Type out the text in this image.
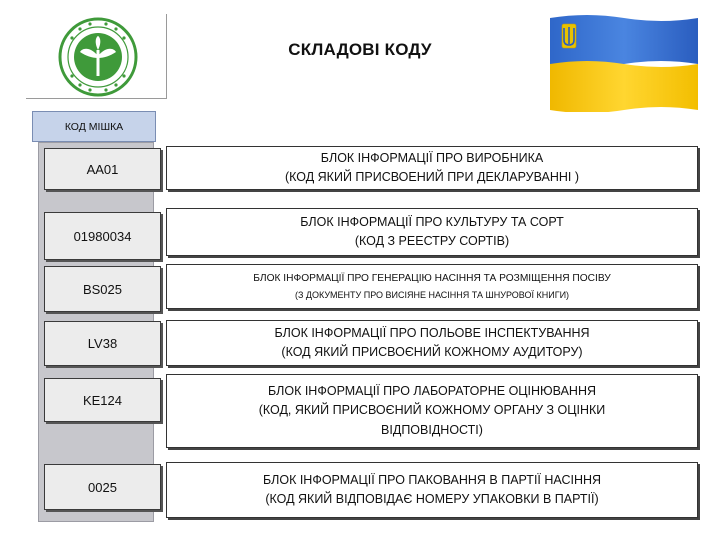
СКЛАДОВІ КОДУ
КОД МІШКА
AA01
01980034
BS025
LV38
KE124
0025
БЛОК ІНФОРМАЦІЇ ПРО ВИРОБНИКА
(КОД ЯКИЙ ПРИСВОЕНИЙ ПРИ ДЕКЛАРУВАННІ )
БЛОК ІНФОРМАЦІЇ ПРО КУЛЬТУРУ ТА СОРТ
(КОД З РЕЕСТРУ СОРТІВ)
БЛОК ІНФОРМАЦІЇ ПРО ГЕНЕРАЦІЮ НАСІННЯ ТА РОЗМІЩЕННЯ ПОСІВУ
(З ДОКУМЕНТУ ПРО ВИСІЯНЕ НАСІННЯ ТА ШНУРОВОЇ КНИГИ)
БЛОК ІНФОРМАЦІЇ ПРО ПОЛЬОВЕ ІНСПЕКТУВАННЯ
(КОД ЯКИЙ ПРИСВОЄНИЙ КОЖНОМУ АУДИТОРУ)
БЛОК ІНФОРМАЦІЇ ПРО ЛАБОРАТОРНЕ ОЦІНЮВАННЯ
(КОД, ЯКИЙ ПРИСВОЄНИЙ КОЖНОМУ ОРГАНУ З ОЦІНКИ
ВІДПОВІДНОСТІ)
БЛОК ІНФОРМАЦІЇ ПРО ПАКОВАННЯ В ПАРТІЇ НАСІННЯ
(КОД ЯКИЙ ВІДПОВІДАЄ НОМЕРУ УПАКОВКИ В ПАРТІЇ)
